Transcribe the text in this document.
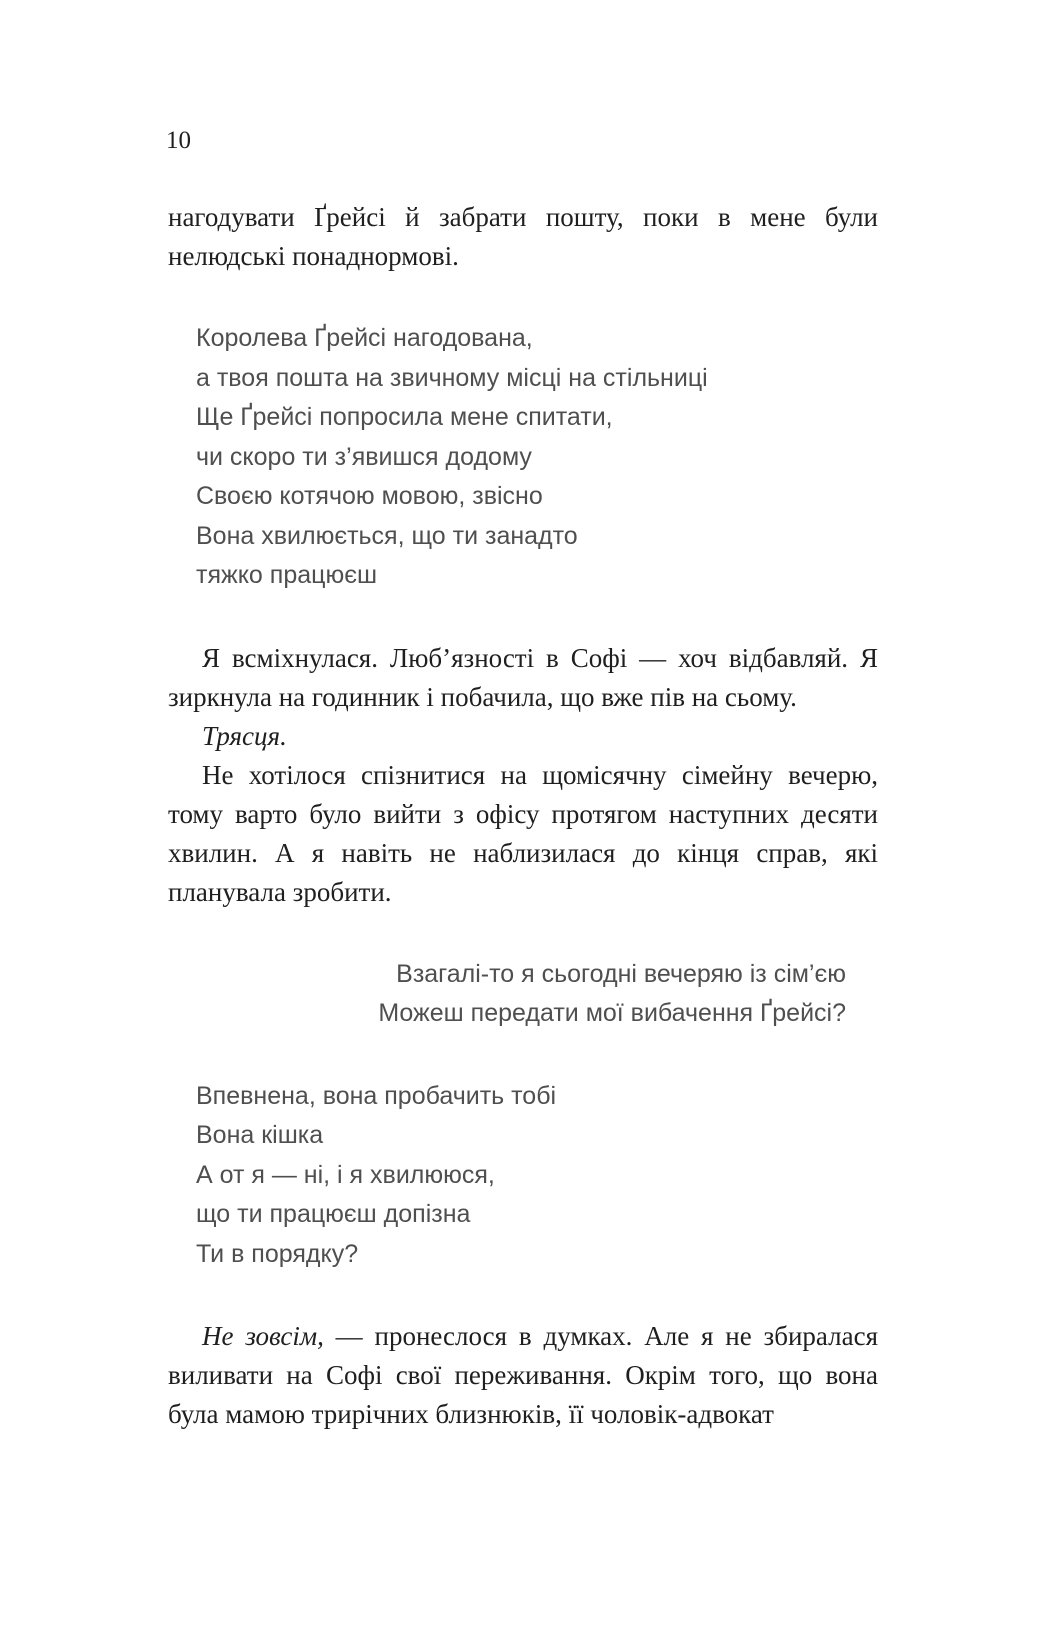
10

нагодувати Ґрейсі й забрати пошту, поки в мене були нелюдські понаднормові.

Королева Ґрейсі нагодована,
а твоя пошта на звичному місці на стільниці
Ще Ґрейсі попросила мене спитати,
чи скоро ти з’явишся додому
Своєю котячою мовою, звісно
Вона хвилюється, що ти занадто
тяжко працюєш

Я всміхнулася. Люб’язності в Софі — хоч відбавляй. Я зиркнула на годинник і побачила, що вже пів на сьому.

Трясця.

Не хотілося спізнитися на щомісячну сімейну вечерю, тому варто було вийти з офісу протягом наступних десяти хвилин. А я навіть не наблизилася до кінця справ, які планувала зробити.

Взагалі-то я сьогодні вечеряю із сім’єю
Можеш передати мої вибачення Ґрейсі?
Впевнена, вона пробачить тобі
Вона кішка
А от я — ні, і я хвилююся,
що ти працюєш допізна
Ти в порядку?

Не зовсім, — пронеслося в думках. Але я не збиралася виливати на Софі свої переживання. Окрім того, що вона була мамою трирічних близнюків, її чоловік-адвокат
